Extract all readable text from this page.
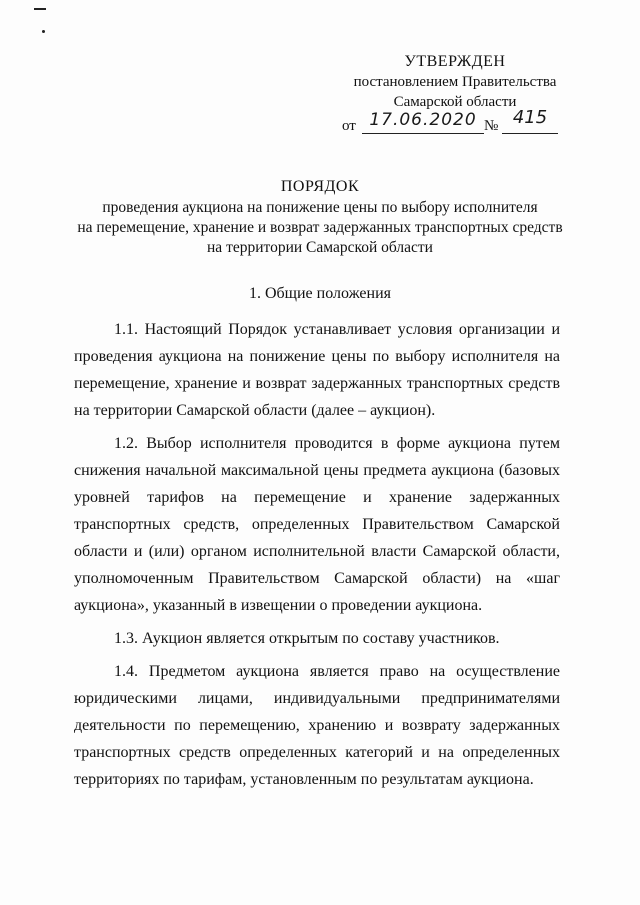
УТВЕРЖДЕН
постановлением Правительства
Самарской области
от 17.06.2020 № 415
ПОРЯДОК
проведения аукциона на понижение цены по выбору исполнителя
на перемещение, хранение и возврат задержанных транспортных средств
на территории Самарской области
1. Общие положения

1.1. Настоящий Порядок устанавливает условия организации и проведения аукциона на понижение цены по выбору исполнителя на перемещение, хранение и возврат задержанных транспортных средств на территории Самарской области (далее – аукцион).

1.2. Выбор исполнителя проводится в форме аукциона путем снижения начальной максимальной цены предмета аукциона (базовых уровней тарифов на перемещение и хранение задержанных транспортных средств, определенных Правительством Самарской области и (или) органом исполнительной власти Самарской области, уполномоченным Правительством Самарской области) на «шаг аукциона», указанный в извещении о проведении аукциона.

1.3. Аукцион является открытым по составу участников.

1.4. Предметом аукциона является право на осуществление юридическими лицами, индивидуальными предпринимателями деятельности по перемещению, хранению и возврату задержанных транспортных средств определенных категорий и на определенных территориях по тарифам, установленным по результатам аукциона.
